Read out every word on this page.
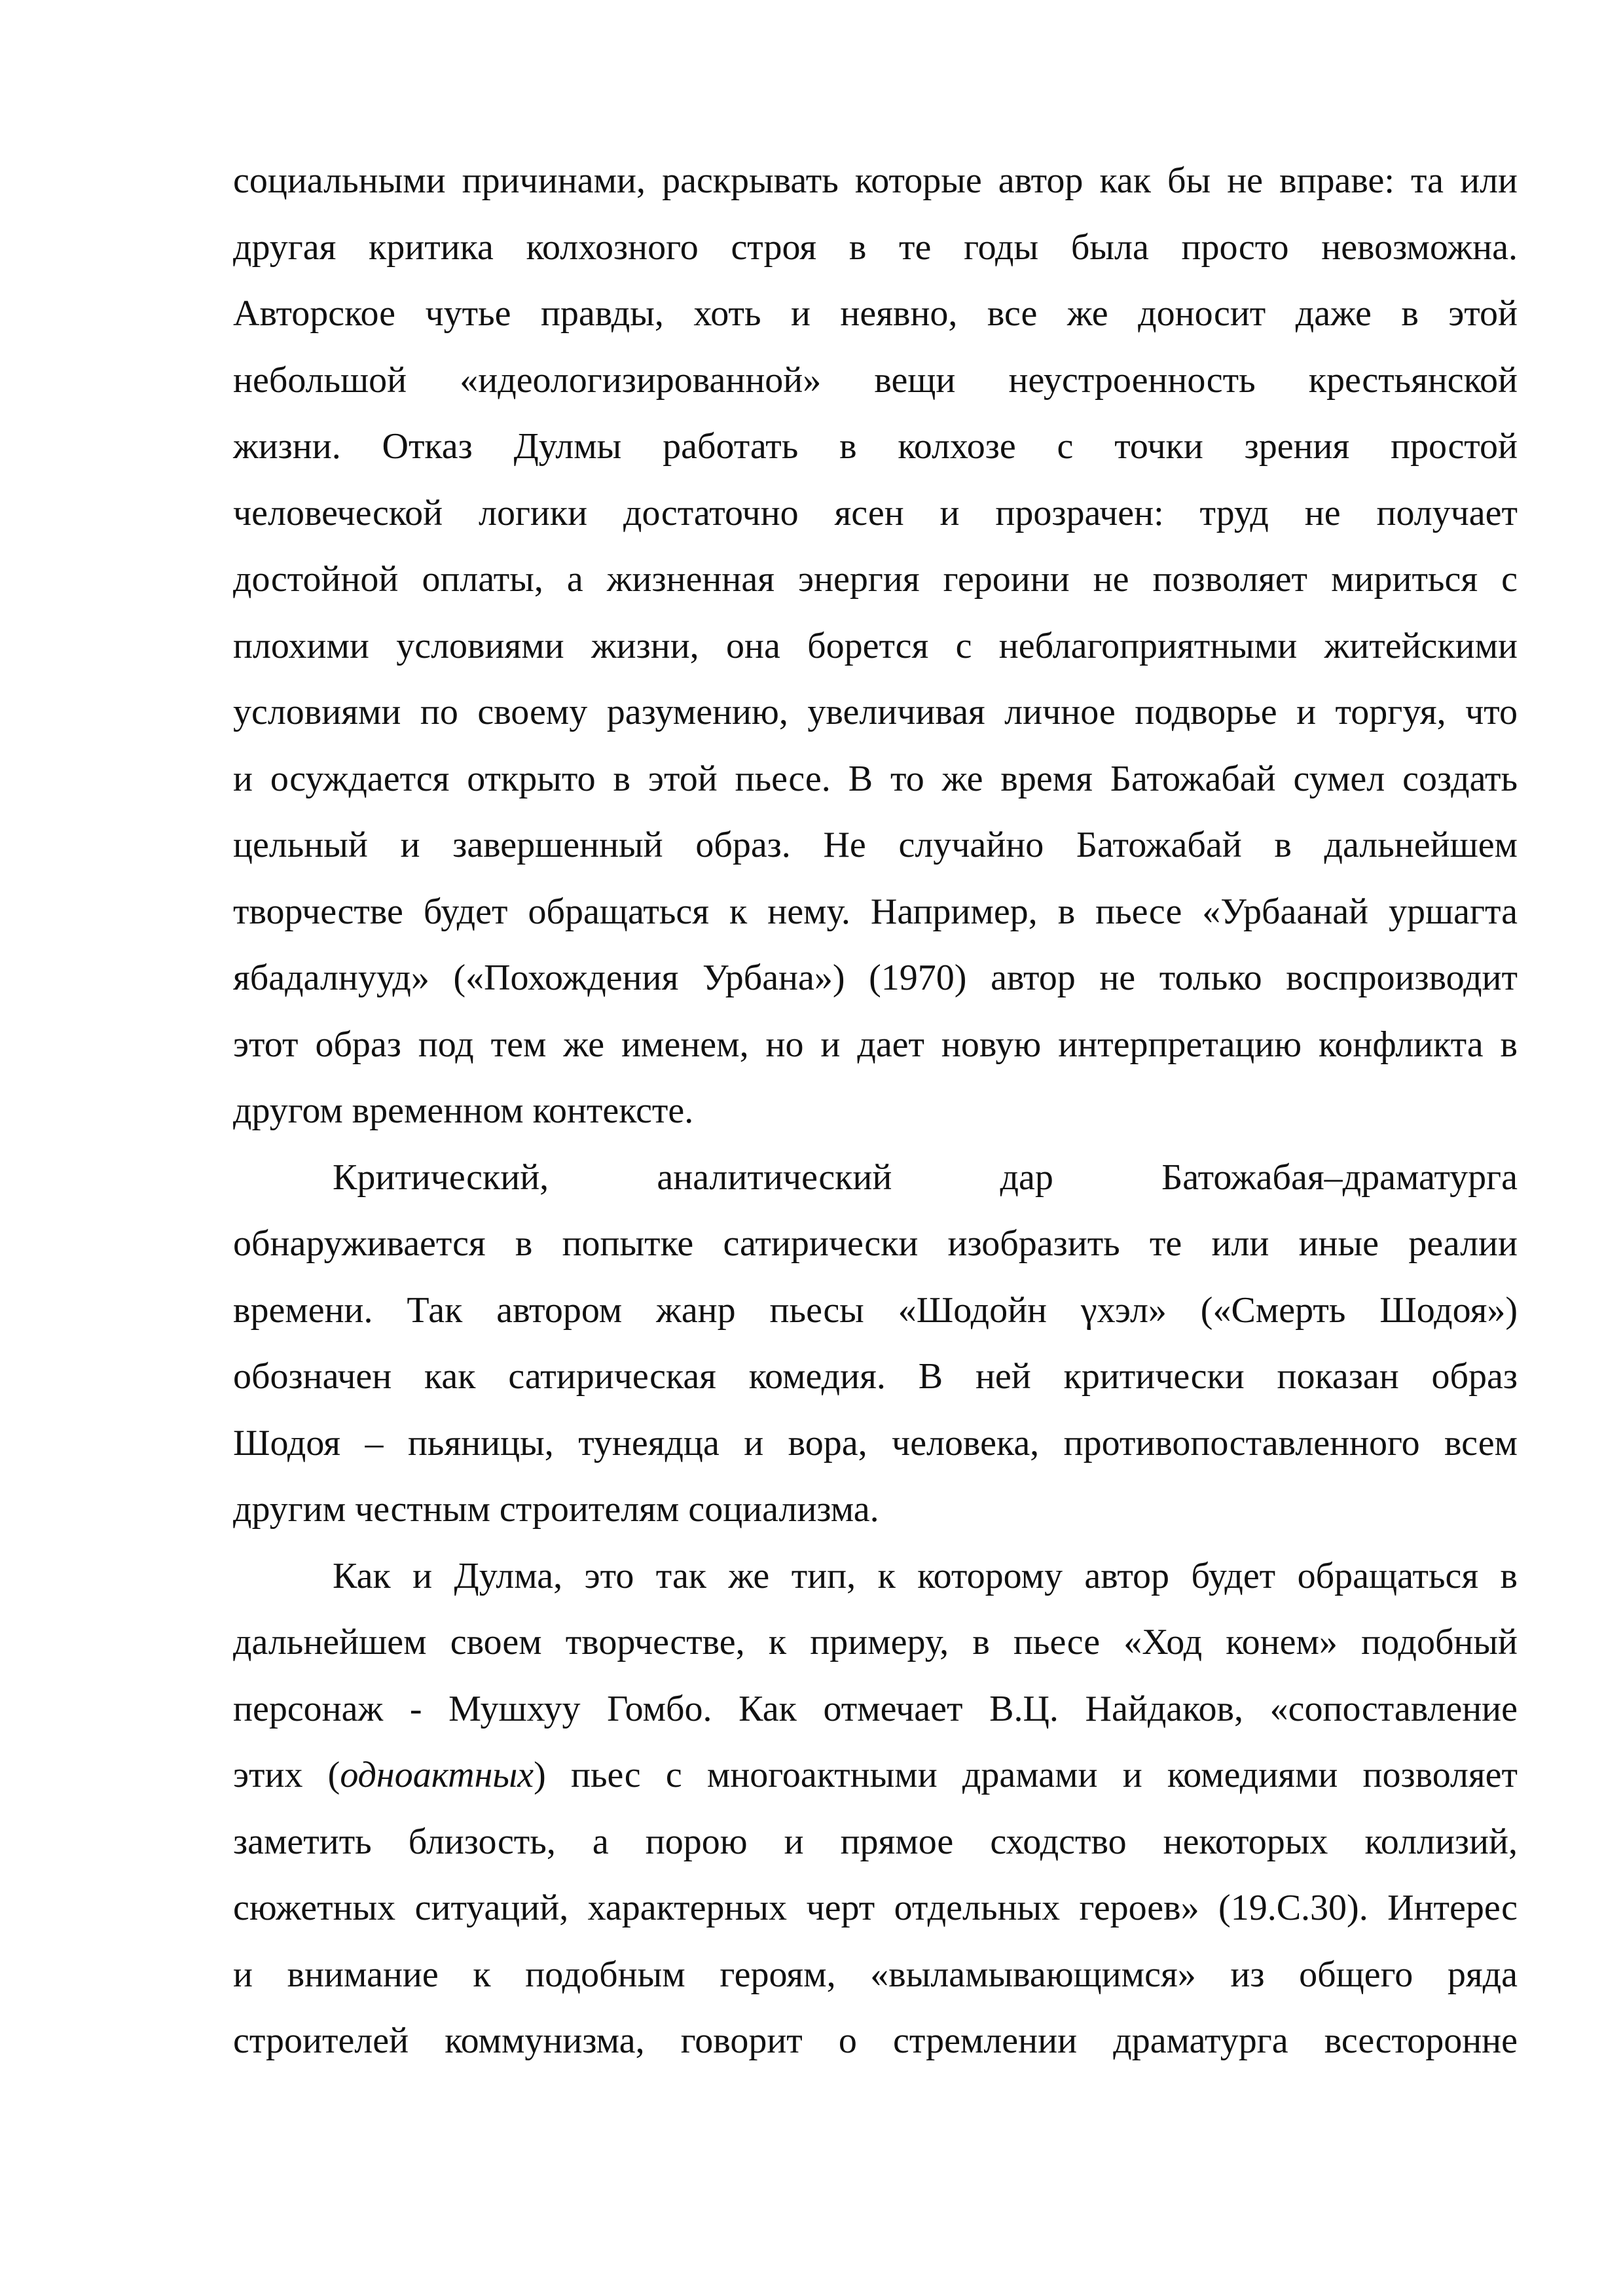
социальными причинами, раскрывать которые автор как бы не вправе: та или
другая критика колхозного строя в те годы была просто невозможна.
Авторское чутье правды, хоть и неявно, все же доносит даже в этой
небольшой «идеологизированной» вещи неустроенность крестьянской
жизни. Отказ Дулмы работать в колхозе с точки зрения простой
человеческой логики достаточно ясен и прозрачен: труд не получает
достойной оплаты, а жизненная энергия героини не позволяет мириться с
плохими условиями жизни, она борется с неблагоприятными житейскими
условиями по своему разумению, увеличивая личное подворье и торгуя, что
и осуждается открыто в этой пьесе. В то же время Батожабай сумел создать
цельный и завершенный образ. Не случайно Батожабай в дальнейшем
творчестве будет обращаться к нему. Например, в пьесе «Урбаанай уршагта
ябадалнууд» («Похождения Урбана») (1970) автор не только воспроизводит
этот образ под тем же именем, но и дает новую интерпретацию конфликта в
другом временном контексте.
Критический, аналитический дар Батожабая–драматурга
обнаруживается в попытке сатирически изобразить те или иные реалии
времени. Так автором жанр пьесы «Шодойн γхэл» («Смерть Шодоя»)
обозначен как сатирическая комедия. В ней критически показан образ
Шодоя – пьяницы, тунеядца и вора, человека, противопоставленного всем
другим честным строителям социализма.
Как и Дулма, это так же тип, к которому автор будет обращаться в
дальнейшем своем творчестве, к примеру, в пьесе «Ход конем» подобный
персонаж - Мушхуу Гомбо. Как отмечает В.Ц. Найдаков, «сопоставление
этих (одноактных) пьес с многоактными драмами и комедиями позволяет
заметить близость, а порою и прямое сходство некоторых коллизий,
сюжетных ситуаций, характерных черт отдельных героев» (19.С.30). Интерес
и внимание к подобным героям, «выламывающимся» из общего ряда
строителей коммунизма, говорит о стремлении драматурга всесторонне
